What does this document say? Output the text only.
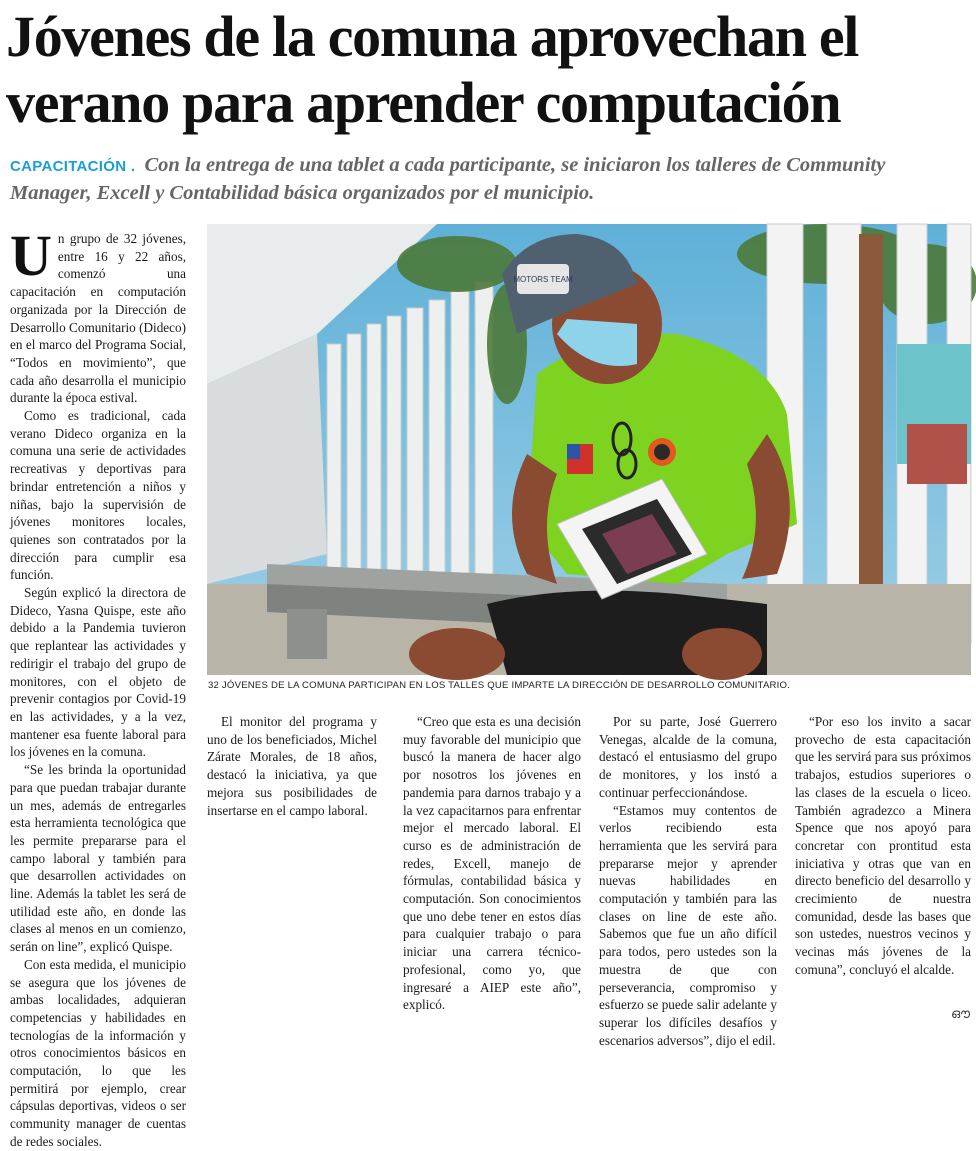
Jóvenes de la comuna aprovechan el
verano para aprender computación
CAPACITACIÓN . Con la entrega de una tablet a cada participante, se iniciaron los talleres de Community Manager, Excell y Contabilidad básica organizados por el municipio.

Un grupo de 32 jóvenes, entre 16 y 22 años, comenzó una capacitación en computación organizada por la Dirección de Desarrollo Comunitario (Dideco) en el marco del Programa Social, “Todos en movimiento”, que cada año desarrolla el municipio durante la época estival.

Como es tradicional, cada verano Dideco organiza en la comuna una serie de actividades recreativas y deportivas para brindar entretención a niños y niñas, bajo la supervisión de jóvenes monitores locales, quienes son contratados por la dirección para cumplir esa función.

Según explicó la directora de Dideco, Yasna Quispe, este año debido a la Pandemia tuvieron que replantear las actividades y redirigir el trabajo del grupo de monitores, con el objeto de prevenir contagios por Covid-19 en las actividades, y a la vez, mantener esa fuente laboral para los jóvenes en la comuna.

“Se les brinda la oportunidad para que puedan trabajar durante un mes, además de entregarles esta herramienta tecnológica que les permite prepararse para el campo laboral y también para que desarrollen actividades on line. Además la tablet les será de utilidad este año, en donde las clases al menos en un comienzo, serán on line”, explicó Quispe.

Con esta medida, el municipio se asegura que los jóvenes de ambas localidades, adquieran competencias y habilidades en tecnologías de la información y otros conocimientos básicos en computación, lo que les permitirá por ejemplo, crear cápsulas deportivas, videos o ser community manager de cuentas de redes sociales.

El monitor del programa y uno de los beneficiados, Michel Zárate Morales, de 18 años, destacó la iniciativa, ya que mejora sus posibilidades de insertarse en el campo laboral.

“Creo que esta es una decisión muy favorable del municipio que buscó la manera de hacer algo por nosotros los jóvenes en pandemia para darnos trabajo y a la vez capacitarnos para enfrentar mejor el mercado laboral. El curso es de administración de redes, Excell, manejo de fórmulas, contabilidad básica y computación. Son conocimientos que uno debe tener en estos días para cualquier trabajo o para iniciar una carrera técnico-profesional, como yo, que ingresaré a AIEP este año”, explicó.

Por su parte, José Guerrero Venegas, alcalde de la comuna, destacó el entusiasmo del grupo de monitores, y los instó a continuar perfeccionándose.

“Estamos muy contentos de verlos recibiendo esta herramienta que les servirá para prepararse mejor y aprender nuevas habilidades en computación y también para las clases on line de este año. Sabemos que fue un año difícil para todos, pero ustedes son la muestra de que con perseverancia, compromiso y esfuerzo se puede salir adelante y superar los difíciles desafíos y escenarios adversos”, dijo el edil.

“Por eso los invito a sacar provecho de esta capacitación que les servirá para sus próximos trabajos, estudios superiores o las clases de la escuela o liceo. También agradezco a Minera Spence que nos apoyó para concretar con prontitud esta iniciativa y otras que van en directo beneficio del desarrollo y crecimiento de nuestra comunidad, desde las bases que son ustedes, nuestros vecinos y vecinas más jóvenes de la comuna”, concluyó el alcalde.

MOTORS TEAM
32 JÓVENES DE LA COMUNA PARTICIPAN EN LOS TALLES QUE IMPARTE LA DIRECCIÓN DE DESARROLLO COMUNITARIO.
ഔ
